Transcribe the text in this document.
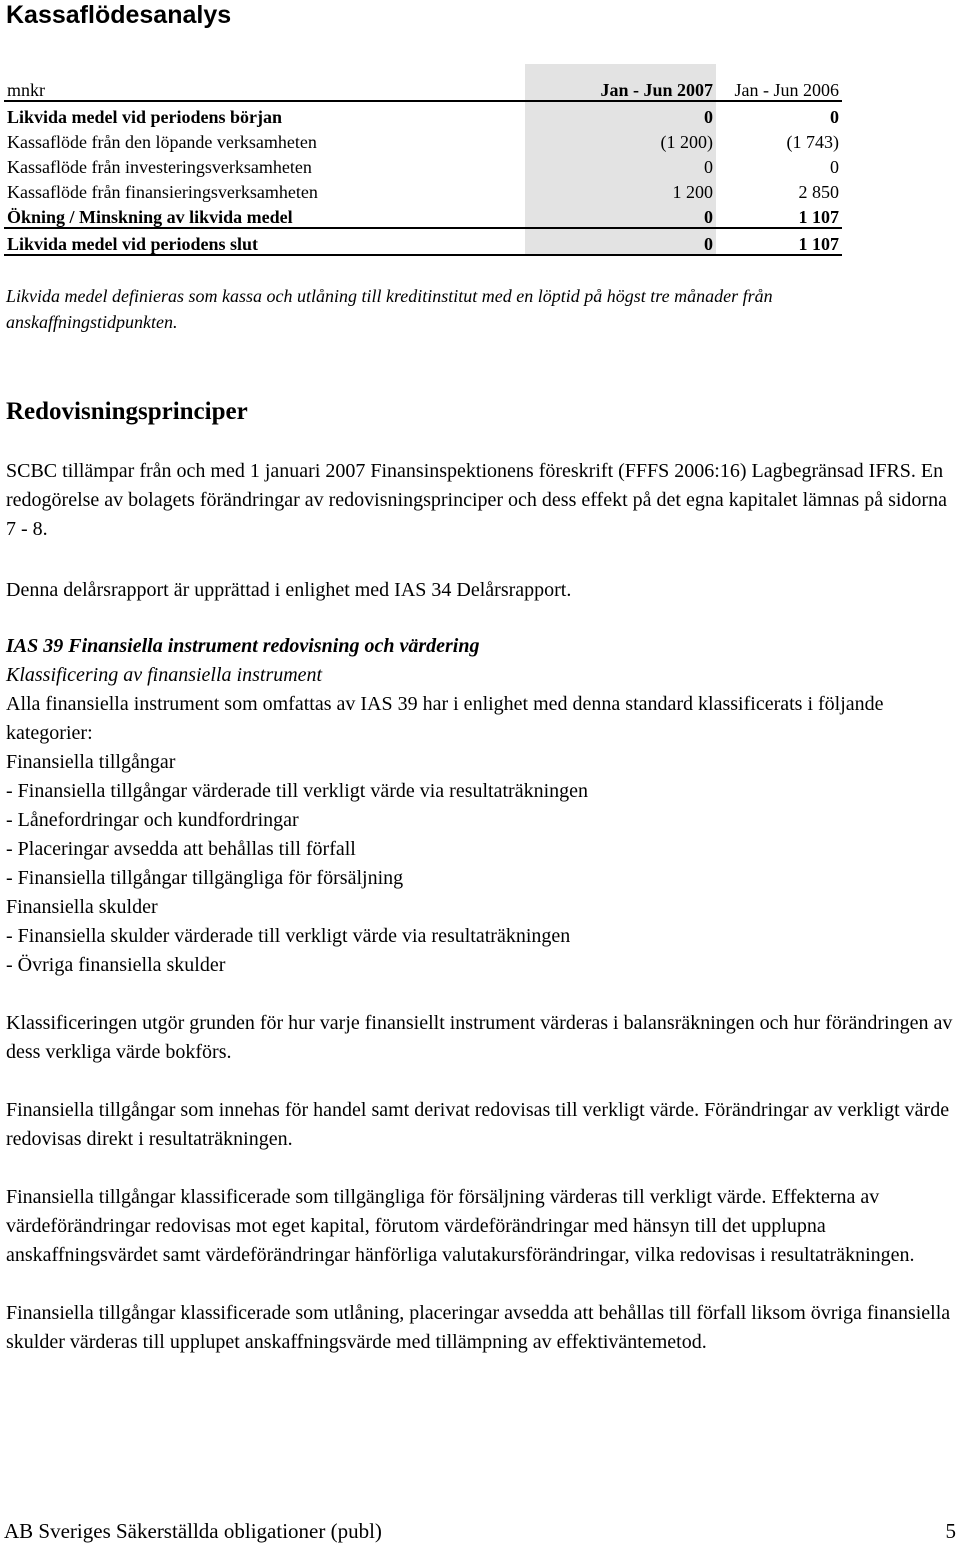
Kassaflödesanalys
mnkr	Jan - Jun 2007	Jan - Jun 2006
Likvida medel vid periodens början	0	0
Kassaflöde från den löpande verksamheten	(1 200)	(1 743)
Kassaflöde från investeringsverksamheten	0	0
Kassaflöde från finansieringsverksamheten	1 200	2 850
Ökning / Minskning av likvida medel	0	1 107
Likvida medel vid periodens slut	0	1 107
Likvida medel definieras som kassa och utlåning till kreditinstitut med en löptid på högst tre månader från anskaffningstidpunkten.
Redovisningsprinciper

SCBC tillämpar från och med 1 januari 2007 Finansinspektionens föreskrift (FFFS 2006:16) Lagbegränsad IFRS. En redogörelse av bolagets förändringar av redovisningsprinciper och dess effekt på det egna kapitalet lämnas på sidorna 7 - 8.

Denna delårsrapport är upprättad i enlighet med IAS 34 Delårsrapport.

IAS 39 Finansiella instrument redovisning och värdering

Klassificering av finansiella instrument

Alla finansiella instrument som omfattas av IAS 39 har i enlighet med denna standard klassificerats i följande kategorier:

Finansiella tillgångar

- Finansiella tillgångar värderade till verkligt värde via resultaträkningen

- Lånefordringar och kundfordringar

- Placeringar avsedda att behållas till förfall

- Finansiella tillgångar tillgängliga för försäljning

Finansiella skulder

- Finansiella skulder värderade till verkligt värde via resultaträkningen

- Övriga finansiella skulder

Klassificeringen utgör grunden för hur varje finansiellt instrument värderas i balansräkningen och hur förändringen av dess verkliga värde bokförs.

Finansiella tillgångar som innehas för handel samt derivat redovisas till verkligt värde. Förändringar av verkligt värde redovisas direkt i resultaträkningen.

Finansiella tillgångar klassificerade som tillgängliga för försäljning värderas till verkligt värde. Effekterna av värdeförändringar redovisas mot eget kapital, förutom värdeförändringar med hänsyn till det upplupna anskaffningsvärdet samt värdeförändringar hänförliga valutakursförändringar, vilka redovisas i resultaträkningen.

Finansiella tillgångar klassificerade som utlåning, placeringar avsedda att behållas till förfall liksom övriga finansiella skulder värderas till upplupet anskaffningsvärde med tillämpning av effektiväntemetod.

AB Sveriges Säkerställda obligationer (publ)	5
